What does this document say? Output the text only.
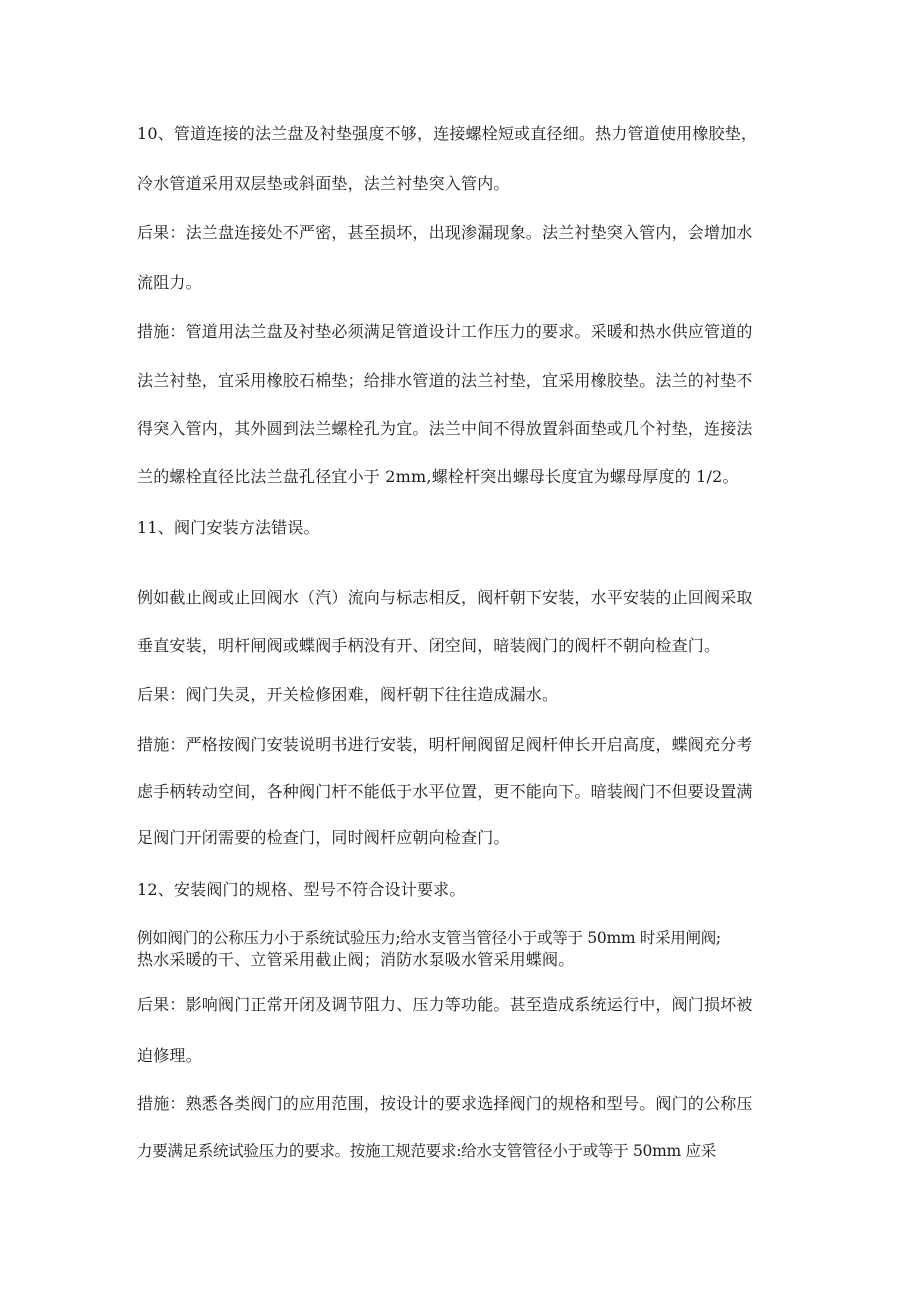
10、管道连接的法兰盘及衬垫强度不够，连接螺栓短或直径细。热力管道使用橡胶垫，
冷水管道采用双层垫或斜面垫，法兰衬垫突入管内。
后果：法兰盘连接处不严密，甚至损坏，出现渗漏现象。法兰衬垫突入管内，会增加水
流阻力。
措施：管道用法兰盘及衬垫必须满足管道设计工作压力的要求。采暖和热水供应管道的
法兰衬垫，宜采用橡胶石棉垫；给排水管道的法兰衬垫，宜采用橡胶垫。法兰的衬垫不
得突入管内，其外圆到法兰螺栓孔为宜。法兰中间不得放置斜面垫或几个衬垫，连接法
兰的螺栓直径比法兰盘孔径宜小于 2mm,螺栓杆突出螺母长度宜为螺母厚度的 1/2。
11、阀门安装方法错误。
例如截止阀或止回阀水（汽）流向与标志相反，阀杆朝下安装，水平安装的止回阀采取
垂直安装，明杆闸阀或蝶阀手柄没有开、闭空间，暗装阀门的阀杆不朝向检查门。
后果：阀门失灵，开关检修困难，阀杆朝下往往造成漏水。
措施：严格按阀门安装说明书进行安装，明杆闸阀留足阀杆伸长开启高度，蝶阀充分考
虑手柄转动空间，各种阀门杆不能低于水平位置，更不能向下。暗装阀门不但要设置满
足阀门开闭需要的检查门，同时阀杆应朝向检查门。
12、安装阀门的规格、型号不符合设计要求。
例如阀门的公称压力小于系统试验压力;给水支管当管径小于或等于 50mm 时采用闸阀;
热水采暖的干、立管采用截止阀；消防水泵吸水管采用蝶阀。
后果：影响阀门正常开闭及调节阻力、压力等功能。甚至造成系统运行中，阀门损坏被
迫修理。
措施：熟悉各类阀门的应用范围，按设计的要求选择阀门的规格和型号。阀门的公称压
力要满足系统试验压力的要求。按施工规范要求:给水支管管径小于或等于 50mm 应采
